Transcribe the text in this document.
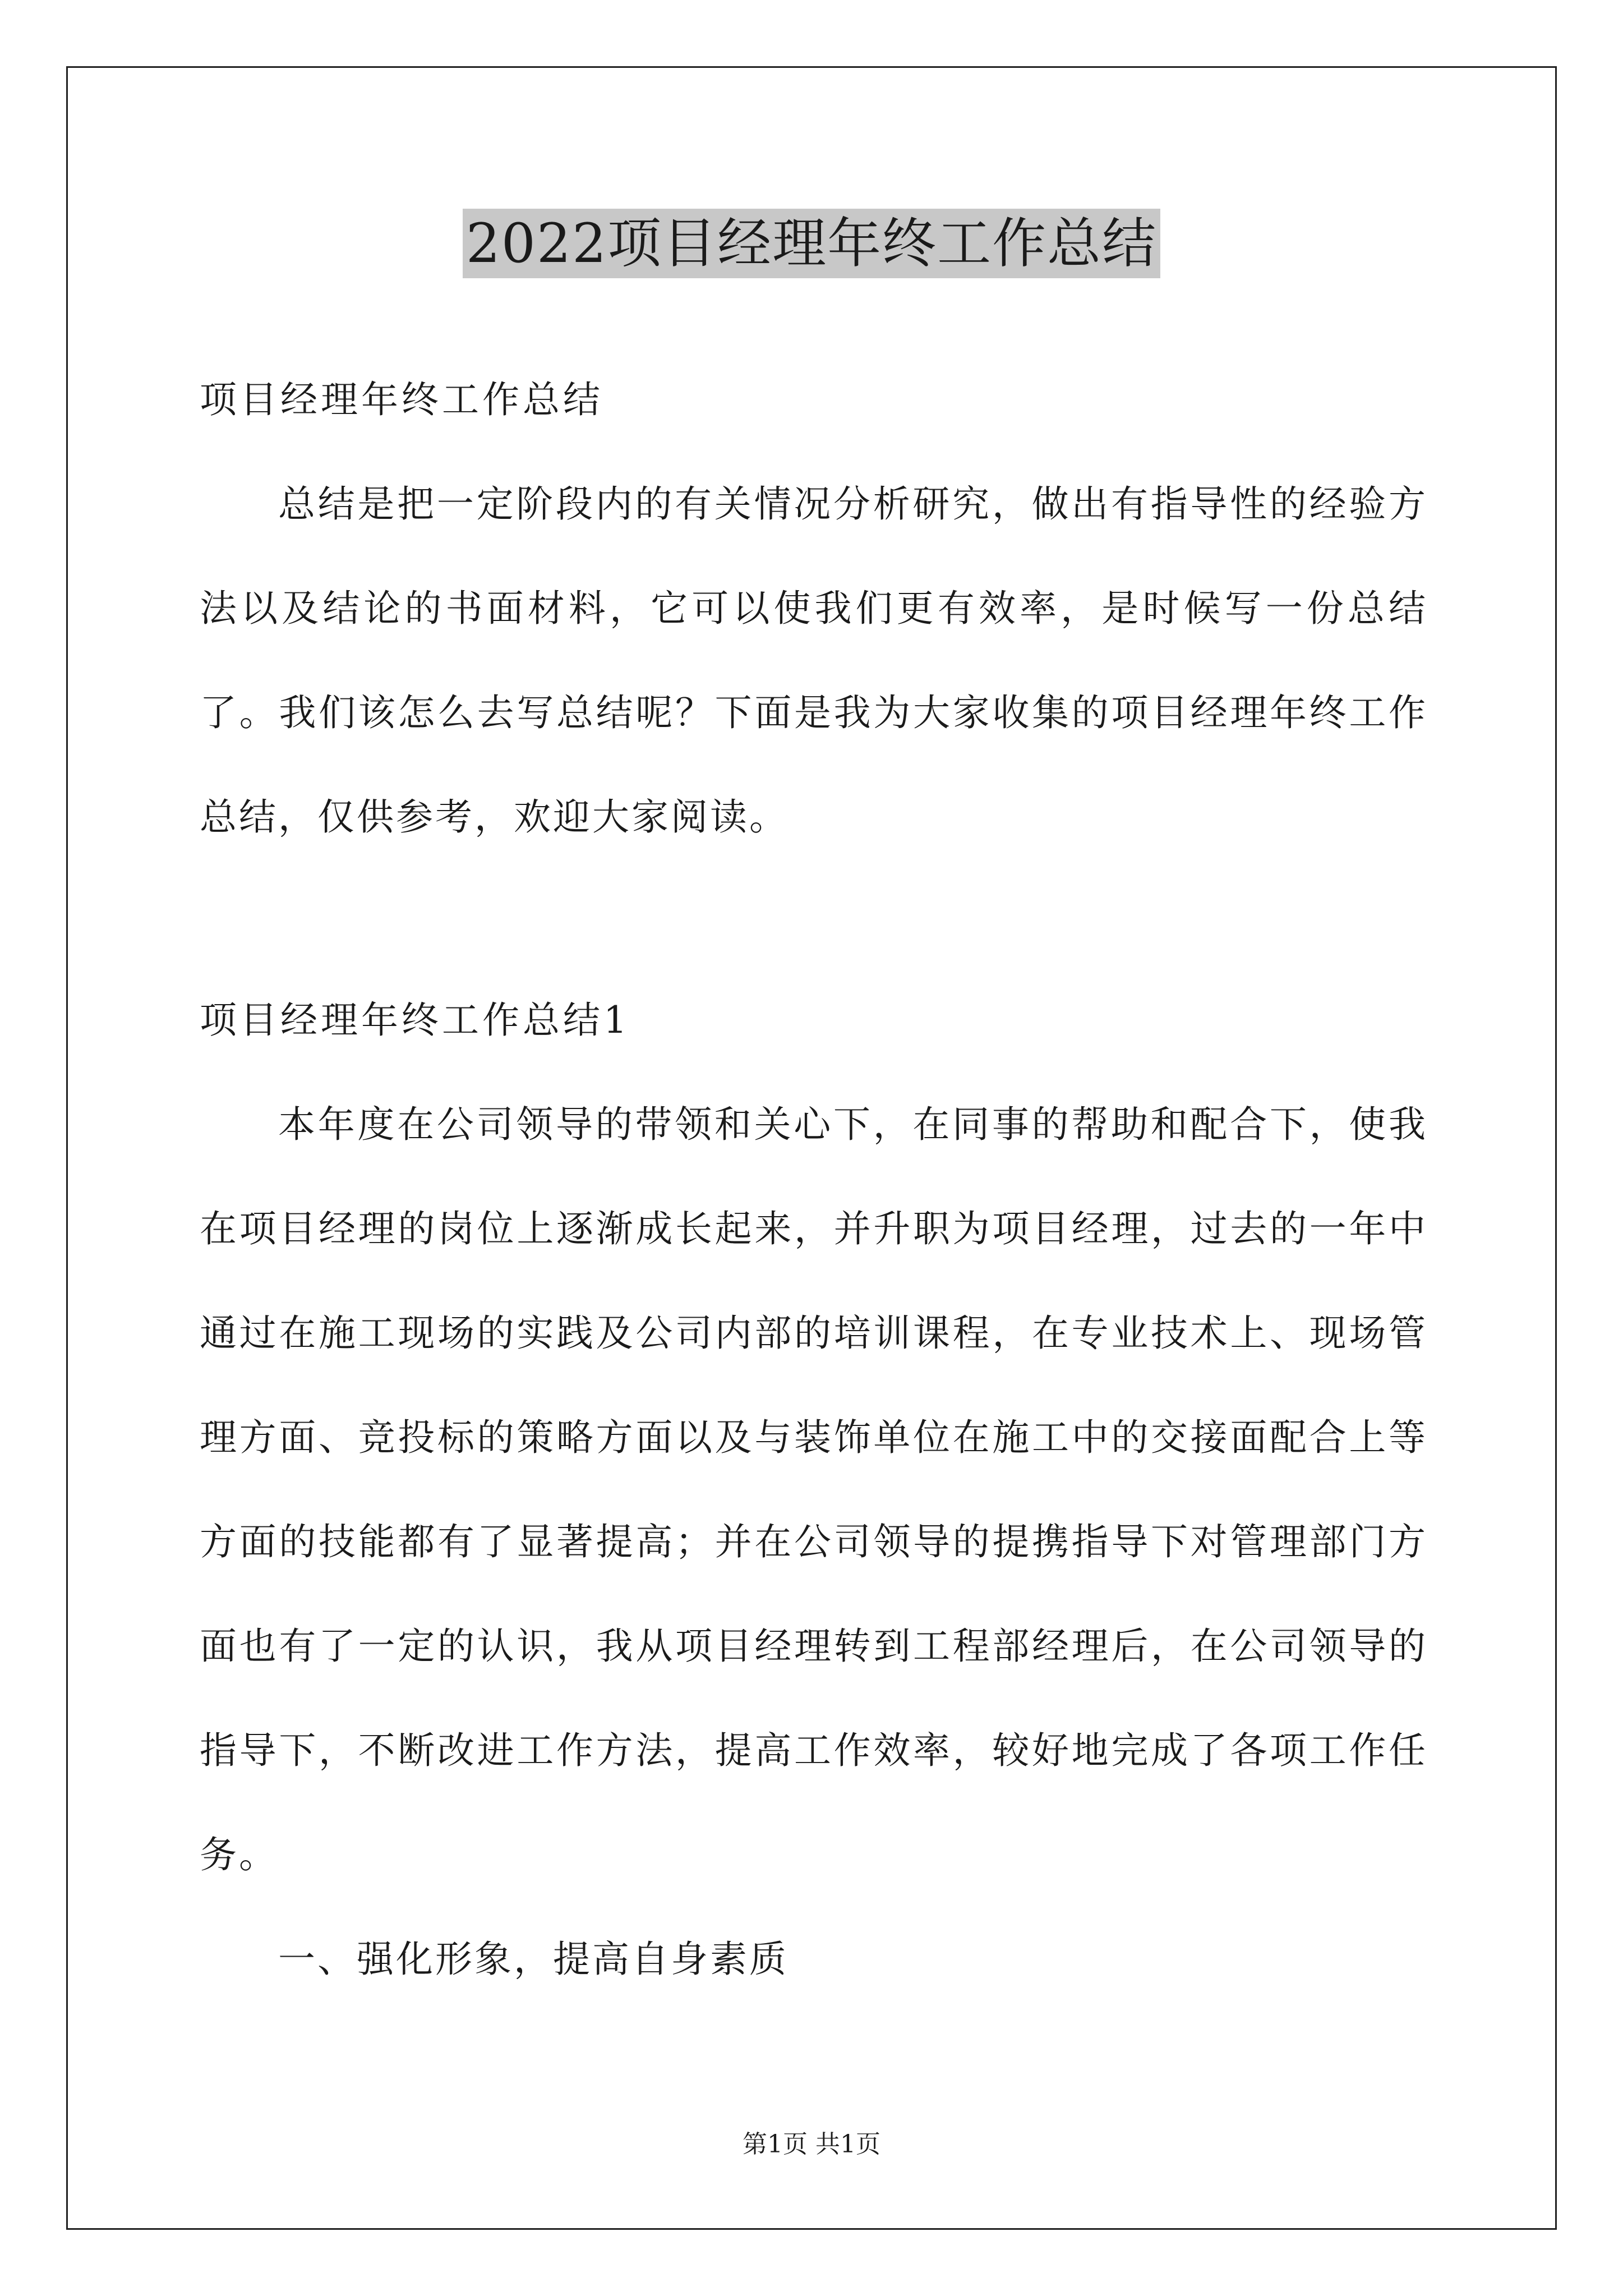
2022项目经理年终工作总结
项目经理年终工作总结

总结是把一定阶段内的有关情况分析研究，做出有指导性的经验方法以及结论的书面材料，它可以使我们更有效率，是时候写一份总结了。我们该怎么去写总结呢？下面是我为大家收集的项目经理年终工作总结，仅供参考，欢迎大家阅读。

项目经理年终工作总结1

本年度在公司领导的带领和关心下，在同事的帮助和配合下，使我在项目经理的岗位上逐渐成长起来，并升职为项目经理，过去的一年中通过在施工现场的实践及公司内部的培训课程，在专业技术上、现场管理方面、竞投标的策略方面以及与装饰单位在施工中的交接面配合上等方面的技能都有了显著提高；并在公司领导的提携指导下对管理部门方面也有了一定的认识，我从项目经理转到工程部经理后，在公司领导的指导下，不断改进工作方法，提高工作效率，较好地完成了各项工作任务。

一、强化形象，提高自身素质

第1页 共1页
